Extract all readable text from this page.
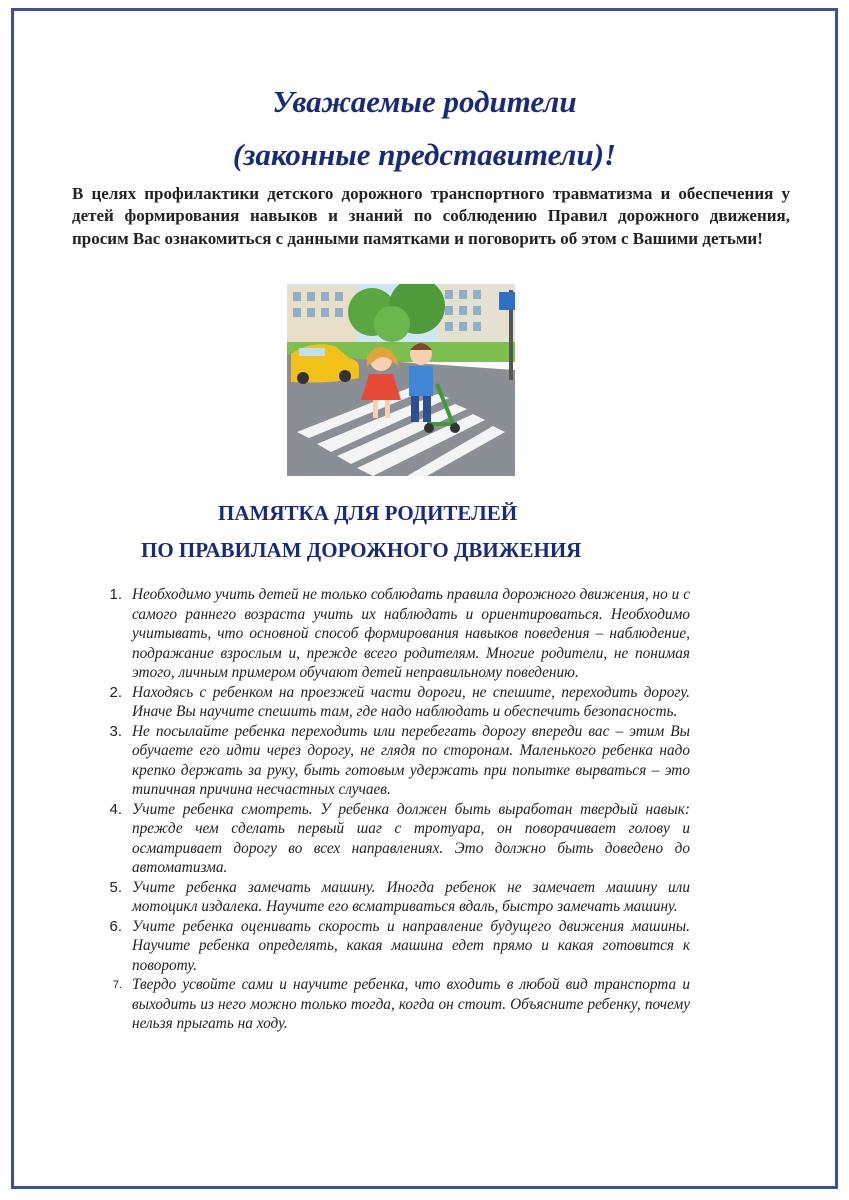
Уважаемые родители
(законные представители)!

В целях профилактики детского дорожного транспортного травматизма и обеспечения у детей формирования навыков и знаний по соблюдению Правил дорожного движения, просим Вас ознакомиться с данными памятками и поговорить об этом с Вашими детьми!

ПАМЯТКА ДЛЯ РОДИТЕЛЕЙ
ПО ПРАВИЛАМ ДОРОЖНОГО ДВИЖЕНИЯ
1. Необходимо учить детей не только соблюдать правила дорожного движения, но и с самого раннего возраста учить их наблюдать и ориентироваться. Необходимо учитывать, что основной способ формирования навыков поведения – наблюдение, подражание взрослым и, прежде всего родителям. Многие родители, не понимая этого, личным примером обучают детей неправильному поведению.
2. Находясь с ребенком на проезжей части дороги, не спешите, переходить дорогу. Иначе Вы научите спешить там, где надо наблюдать и обеспечить безопасность.
3. Не посылайте ребенка переходить или перебегать дорогу впереди вас – этим Вы обучаете его идти через дорогу, не глядя по сторонам. Маленького ребенка надо крепко держать за руку, быть готовым удержать при попытке вырваться – это типичная причина несчастных случаев.
4. Учите ребенка смотреть. У ребенка должен быть выработан твердый навык: прежде чем сделать первый шаг с тротуара, он поворачивает голову и осматривает дорогу во всех направлениях. Это должно быть доведено до автоматизма.
5. Учите ребенка замечать машину. Иногда ребенок не замечает машину или мотоцикл издалека. Научите его всматриваться вдаль, быстро замечать машину.
6. Учите ребенка оценивать скорость и направление будущего движения машины. Научите ребенка определять, какая машина едет прямо и какая готовится к повороту.
7. Твердо усвойте сами и научите ребенка, что входить в любой вид транспорта и выходить из него можно только тогда, когда он стоит. Объясните ребенку, почему нельзя прыгать на ходу.
